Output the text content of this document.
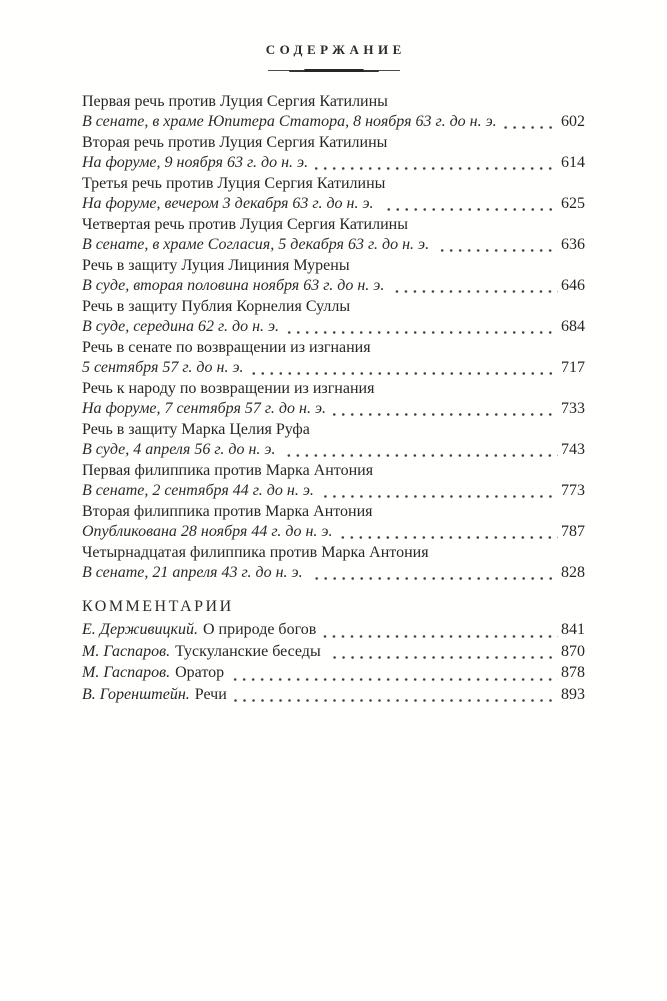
СОДЕРЖАНИЕ
Первая речь против Луция Сергия Катилины
В сенате, в храме Юпитера Статора, 8 ноября 63 г. до н. э.	602
Вторая речь против Луция Сергия Катилины
На форуме, 9 ноября 63 г. до н. э.	614
Третья речь против Луция Сергия Катилины
На форуме, вечером 3 декабря 63 г. до н. э.	625
Четвертая речь против Луция Сергия Катилины
В сенате, в храме Согласия, 5 декабря 63 г. до н. э.	636
Речь в защиту Луция Лициния Мурены
В суде, вторая половина ноября 63 г. до н. э.	646
Речь в защиту Публия Корнелия Суллы
В суде, середина 62 г. до н. э.	684
Речь в сенате по возвращении из изгнания
5 сентября 57 г. до н. э.	717
Речь к народу по возвращении из изгнания
На форуме, 7 сентября 57 г. до н. э.	733
Речь в защиту Марка Целия Руфа
В суде, 4 апреля 56 г. до н. э.	743
Первая филиппика против Марка Антония
В сенате, 2 сентября 44 г. до н. э.	773
Вторая филиппика против Марка Антония
Опубликована 28 ноября 44 г. до н. э.	787
Четырнадцатая филиппика против Марка Антония
В сенате, 21 апреля 43 г. до н. э.	828
КОММЕНТАРИИ
Е. Держивицкий. О природе богов	841
М. Гаспаров. Тускуланские беседы	870
М. Гаспаров. Оратор	878
В. Горенштейн. Речи	893
